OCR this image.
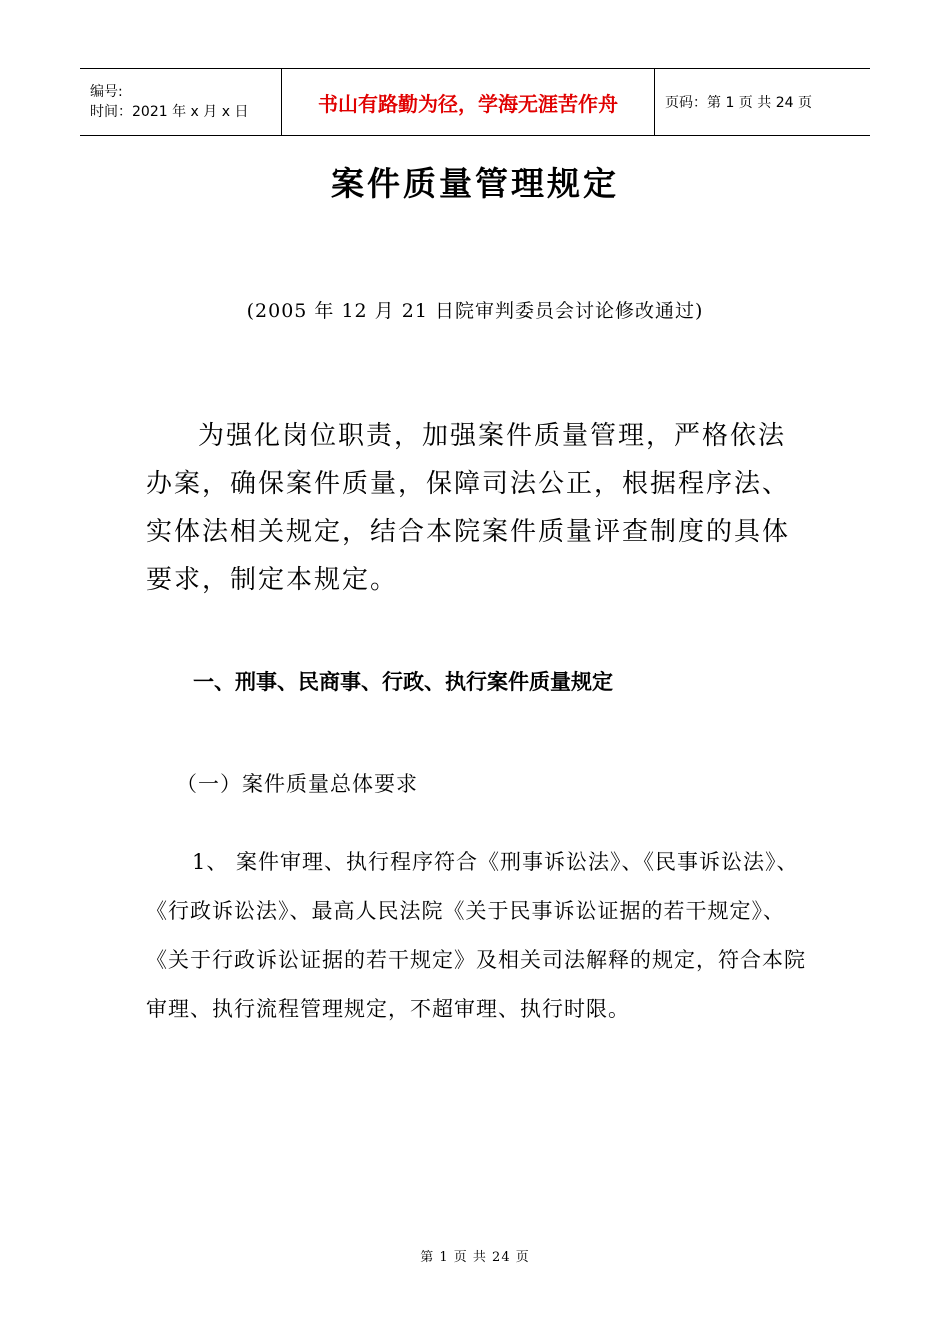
编号:
时间：2021 年 x 月 x 日	书山有路勤为径，学海无涯苦作舟	页码：第 1 页 共 24 页
案件质量管理规定
(2005 年 12 月 21 日院审判委员会讨论修改通过)
为强化岗位职责，加强案件质量管理，严格依法办案，确保案件质量，保障司法公正，根据程序法、实体法相关规定，结合本院案件质量评查制度的具体要求，制定本规定。
一、刑事、民商事、行政、执行案件质量规定
（一）案件质量总体要求
1、 案件审理、执行程序符合《刑事诉讼法》、《民事诉讼法》、《行政诉讼法》、最高人民法院《关于民事诉讼证据的若干规定》、《关于行政诉讼证据的若干规定》及相关司法解释的规定，符合本院审理、执行流程管理规定，不超审理、执行时限。
第 1 页 共 24 页
